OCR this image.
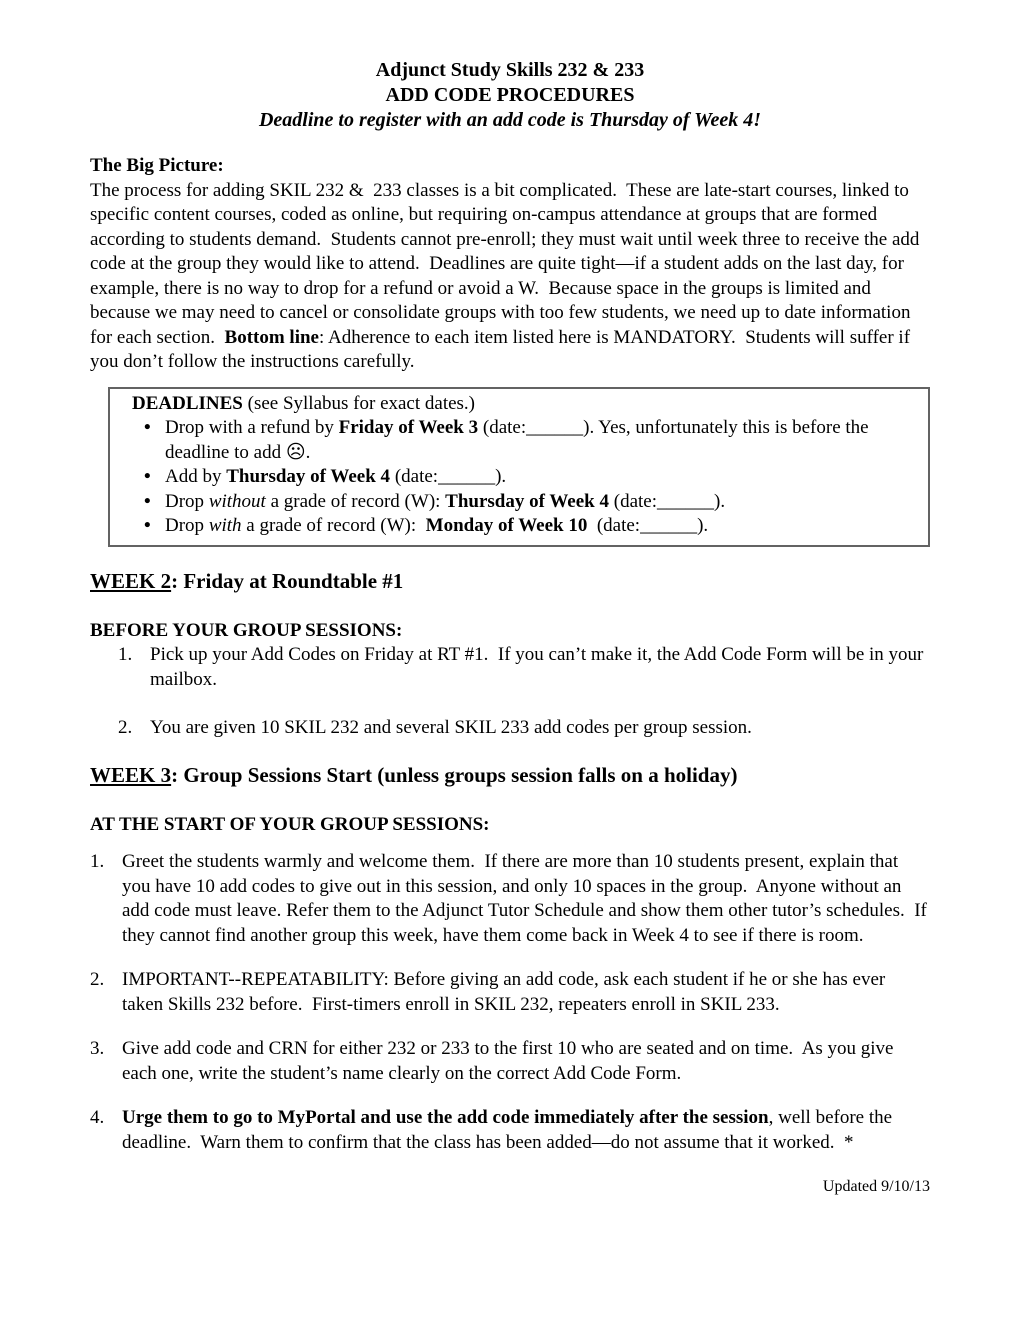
Adjunct Study Skills 232 & 233
ADD CODE PROCEDURES
Deadline to register with an add code is Thursday of Week 4!
The Big Picture:

The process for adding SKIL 232 &  233 classes is a bit complicated.  These are late-start courses, linked to specific content courses, coded as online, but requiring on-campus attendance at groups that are formed according to students demand.  Students cannot pre-enroll; they must wait until week three to receive the add code at the group they would like to attend.  Deadlines are quite tight—if a student adds on the last day, for example, there is no way to drop for a refund or avoid a W.  Because space in the groups is limited and because we may need to cancel or consolidate groups with too few students, we need up to date information for each section.  Bottom line: Adherence to each item listed here is MANDATORY.  Students will suffer if you don’t follow the instructions carefully.

DEADLINES (see Syllabus for exact dates.)
• Drop with a refund by Friday of Week 3 (date:______). Yes, unfortunately this is before the deadline to add ☹.
• Add by Thursday of Week 4 (date:______).
• Drop without a grade of record (W): Thursday of Week 4 (date:______).
• Drop with a grade of record (W):  Monday of Week 10  (date:______).
WEEK 2: Friday at Roundtable #1
BEFORE YOUR GROUP SESSIONS:
1. Pick up your Add Codes on Friday at RT #1.  If you can’t make it, the Add Code Form will be in your mailbox.
2. You are given 10 SKIL 232 and several SKIL 233 add codes per group session.
WEEK 3: Group Sessions Start (unless groups session falls on a holiday)
AT THE START OF YOUR GROUP SESSIONS:
1. Greet the students warmly and welcome them.  If there are more than 10 students present, explain that you have 10 add codes to give out in this session, and only 10 spaces in the group.  Anyone without an add code must leave. Refer them to the Adjunct Tutor Schedule and show them other tutor’s schedules.  If they cannot find another group this week, have them come back in Week 4 to see if there is room.
2. IMPORTANT--REPEATABILITY: Before giving an add code, ask each student if he or she has ever taken Skills 232 before.  First-timers enroll in SKIL 232, repeaters enroll in SKIL 233.
3. Give add code and CRN for either 232 or 233 to the first 10 who are seated and on time.  As you give each one, write the student’s name clearly on the correct Add Code Form.
4. Urge them to go to MyPortal and use the add code immediately after the session, well before the deadline.  Warn them to confirm that the class has been added—do not assume that it worked.  *
Updated 9/10/13
